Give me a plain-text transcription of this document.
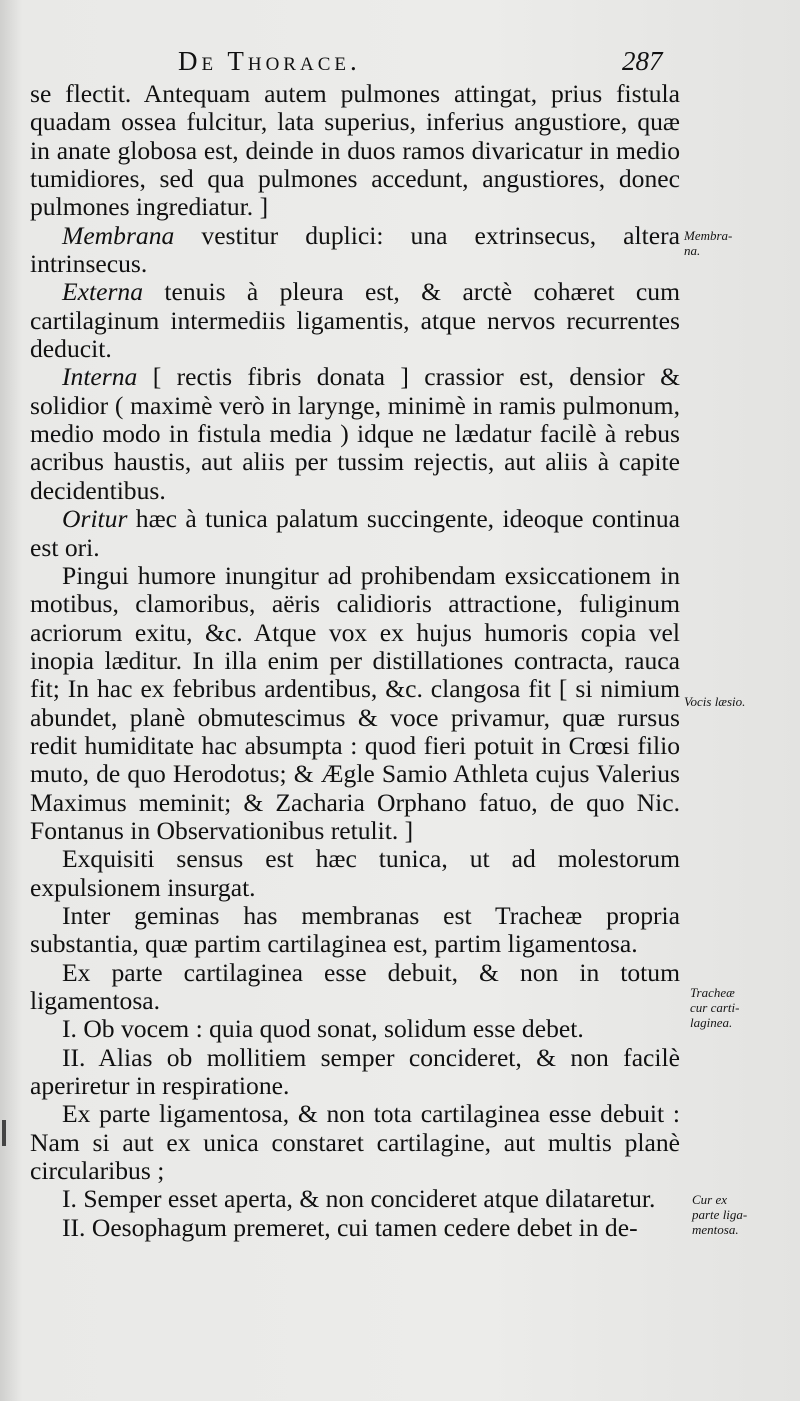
De Thorace.	287

se flectit. Antequam autem pulmones attingat, prius fistula quadam ossea fulcitur, lata superius, inferius angustiore, quæ in anate globosa est, deinde in duos ramos divaricatur in medio tumidiores, sed qua pulmones accedunt, angustiores, donec pulmones ingrediatur. ]

Membrana vestitur duplici: una extrinsecus, altera intrinsecus.

Externa tenuis à pleura est, & arctè cohæret cum cartilaginum intermediis ligamentis, atque nervos recurrentes deducit.

Interna [ rectis fibris donata ] crassior est, densior & solidior ( maximè verò in larynge, minimè in ramis pulmonum, medio modo in fistula media ) idque ne lædatur facilè à rebus acribus haustis, aut aliis per tussim rejectis, aut aliis à capite decidentibus.

Oritur hæc à tunica palatum succingente, ideoque continua est ori.

Pingui humore inungitur ad prohibendam exsiccationem in motibus, clamoribus, aëris calidioris attractione, fuliginum acriorum exitu, &c. Atque vox ex hujus humoris copia vel inopia læditur. In illa enim per distillationes contracta, rauca fit; In hac ex febribus ardentibus, &c. clangosa fit [ si nimium abundet, planè obmutescimus & voce privamur, quæ rursus redit humiditate hac absumpta : quod fieri potuit in Crœsi filio muto, de quo Herodotus; & Ægle Samio Athleta cujus Valerius Maximus meminit; & Zacharia Orphano fatuo, de quo Nic. Fontanus in Observationibus retulit. ]

Exquisiti sensus est hæc tunica, ut ad molestorum expulsionem insurgat.

Inter geminas has membranas est Tracheæ propria substantia, quæ partim cartilaginea est, partim ligamentosa.

Ex parte cartilaginea esse debuit, & non in totum ligamentosa.

I. Ob vocem : quia quod sonat, solidum esse debet.

II. Alias ob mollitiem semper concideret, & non facilè aperiretur in respiratione.

Ex parte ligamentosa, & non tota cartilaginea esse debuit : Nam si aut ex unica constaret cartilagine, aut multis planè circularibus ;

I. Semper esset aperta, & non concideret atque dilataretur.

II. Oesophagum premeret, cui tamen cedere debet in de-

Membra-
na.
Vocis læsio.
Tracheæ
cur carti-
laginea.
Cur ex
parte liga-
mentosa.
